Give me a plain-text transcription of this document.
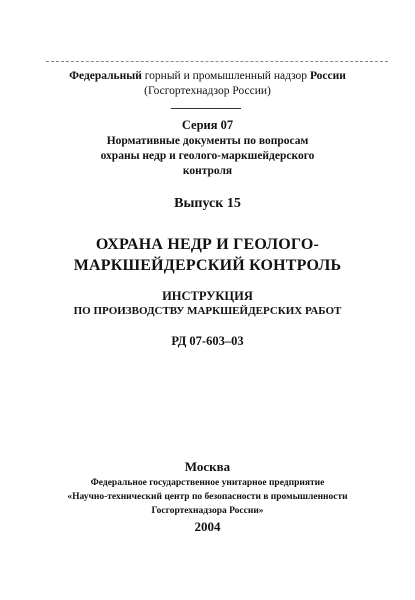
Федеральный горный и промышленный надзор России
(Госгортехнадзор России)
Серия 07
Нормативные документы по вопросам
охраны недр и геолого-маркшейдерского
контроля
Выпуск 15
ОХРАНА НЕДР И ГЕОЛОГО-
МАРКШЕЙДЕРСКИЙ КОНТРОЛЬ
ИНСТРУКЦИЯ
ПО ПРОИЗВОДСТВУ МАРКШЕЙДЕРСКИХ РАБОТ
РД 07-603–03
Москва
Федеральное государственное унитарное предприятие
«Научно-технический центр по безопасности в промышленности
Госгортехнадзора России»
2004
